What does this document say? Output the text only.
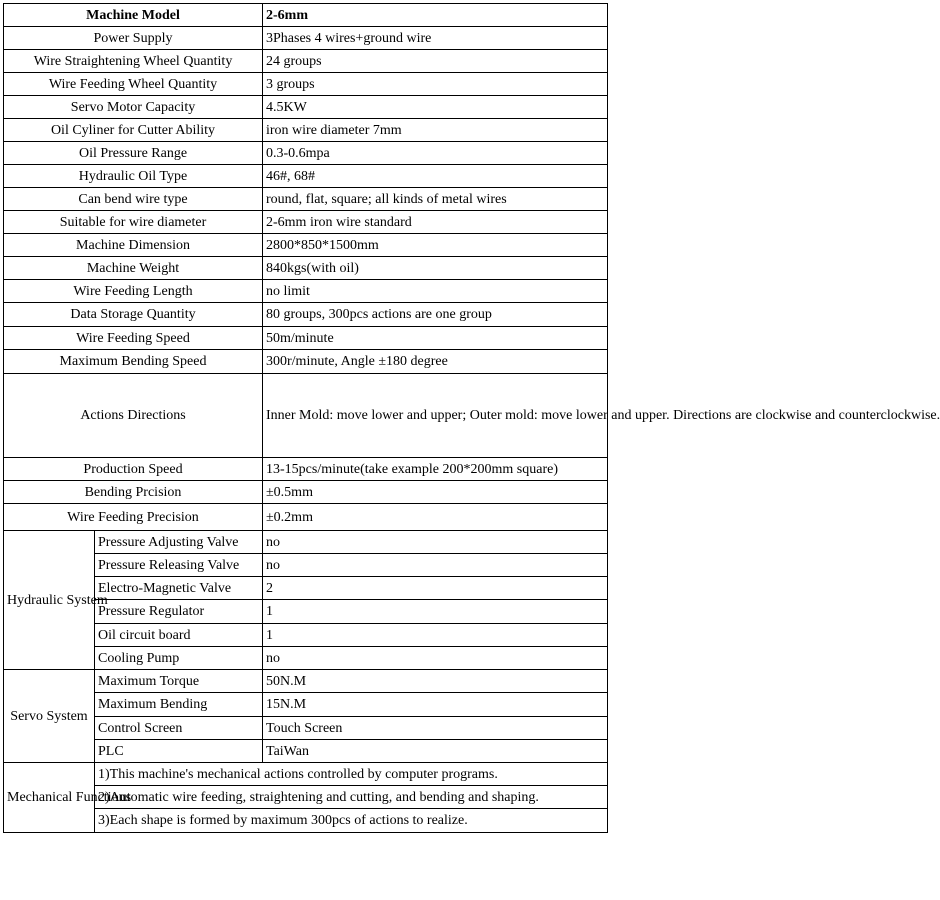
Machine Model		2-6mm
Power Supply		3Phases 4 wires+ground wire
Wire Straightening Wheel Quantity		24 groups
Wire Feeding Wheel Quantity		3 groups
Servo Motor Capacity		4.5KW
Oil Cyliner for Cutter Ability		iron wire diameter 7mm
Oil Pressure Range		0.3-0.6mpa
Hydraulic Oil Type		46#, 68#
Can bend wire type		round, flat, square; all kinds of metal wires
Suitable for wire diameter		2-6mm iron wire standard
Machine Dimension		2800*850*1500mm
Machine Weight		840kgs(with oil)
Wire Feeding Length		no limit
Data Storage Quantity		80 groups, 300pcs actions are one group
Wire Feeding Speed		50m/minute
Maximum Bending Speed		300r/minute, Angle ±180 degree
Actions Directions		Inner Mold: move lower and upper; Outer mold: move lower and upper. Directions are clockwise and counterclockwise.
Production Speed		13-15pcs/minute(take example 200*200mm square)
Bending Prcision		±0.5mm
Wire Feeding Precision		±0.2mm
Hydraulic System	Pressure Adjusting Valve	no
	Pressure Releasing Valve	no
	Electro-Magnetic Valve	2
	Pressure Regulator	1
	Oil circuit board	1
	Cooling Pump	no
Servo System	Maximum Torque	50N.M
	Maximum Bending	15N.M
	Control Screen	Touch Screen
	PLC	TaiWan
Mechanical Functions	1)This machine's mechanical actions controlled by computer programs.	
	2)Automatic wire feeding, straightening and cutting, and bending and shaping.	
	3)Each shape is formed by maximum 300pcs of actions to realize.	
